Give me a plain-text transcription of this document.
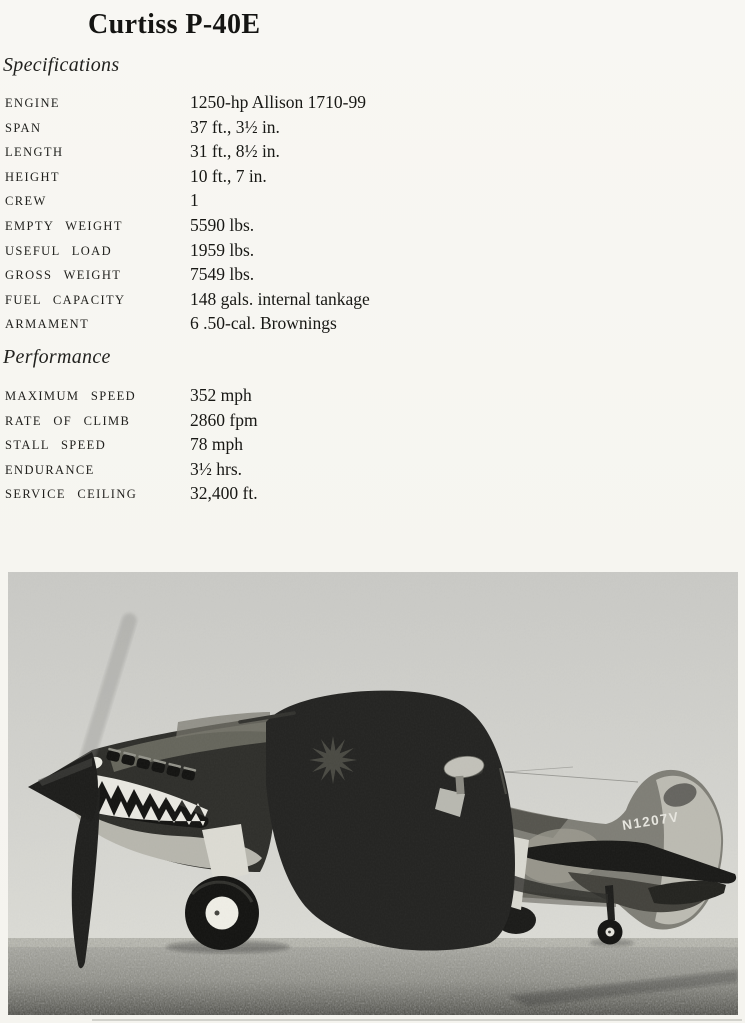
Curtiss P-40E
Specifications
ENGINE	1250-hp Allison 1710-99
SPAN	37 ft., 3½ in.
LENGTH	31 ft., 8½ in.
HEIGHT	10 ft., 7 in.
CREW	1
EMPTY WEIGHT	5590 lbs.
USEFUL LOAD	1959 lbs.
GROSS WEIGHT	7549 lbs.
FUEL CAPACITY	148 gals. internal tankage
ARMAMENT	6 .50-cal. Brownings
Performance
MAXIMUM SPEED	352 mph
RATE OF CLIMB	2860 fpm
STALL SPEED	78 mph
ENDURANCE	3½ hrs.
SERVICE CEILING	32,400 ft.
N1207V
